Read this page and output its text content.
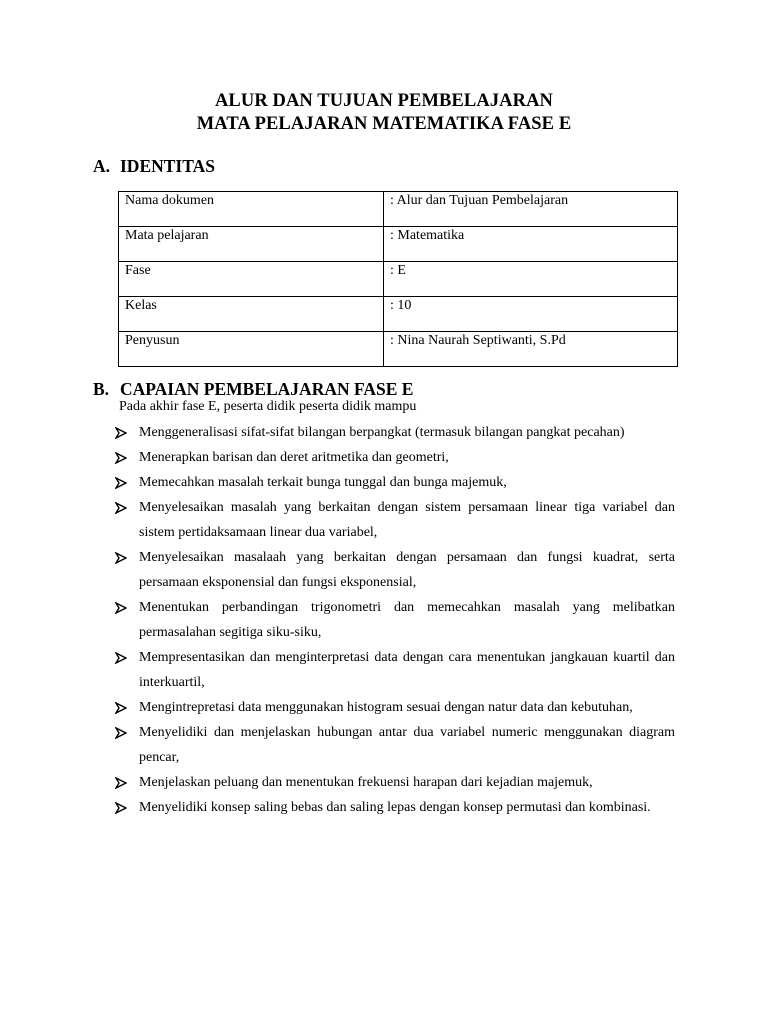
ALUR DAN TUJUAN PEMBELAJARAN
MATA PELAJARAN MATEMATIKA FASE E
A. IDENTITAS
Nama dokumen	: Alur dan Tujuan Pembelajaran
Mata pelajaran	: Matematika
Fase	: E
Kelas	: 10
Penyusun	: Nina Naurah Septiwanti, S.Pd
B. CAPAIAN PEMBELAJARAN FASE E
Pada akhir fase E, peserta didik peserta didik mampu
Menggeneralisasi sifat-sifat bilangan berpangkat (termasuk bilangan pangkat pecahan)
Menerapkan barisan dan deret aritmetika dan geometri,
Memecahkan masalah terkait bunga tunggal dan bunga majemuk,
Menyelesaikan masalah yang berkaitan dengan sistem persamaan linear tiga variabel dan sistem pertidaksamaan linear dua variabel,
Menyelesaikan masalaah yang berkaitan dengan persamaan dan fungsi kuadrat, serta persamaan eksponensial dan fungsi eksponensial,
Menentukan perbandingan trigonometri dan memecahkan masalah yang melibatkan permasalahan segitiga siku-siku,
Mempresentasikan dan menginterpretasi data dengan cara menentukan jangkauan kuartil dan interkuartil,
Mengintrepretasi data menggunakan histogram sesuai dengan natur data dan kebutuhan,
Menyelidiki dan menjelaskan hubungan antar dua variabel numeric menggunakan diagram pencar,
Menjelaskan peluang dan menentukan frekuensi harapan dari kejadian majemuk,
Menyelidiki konsep saling bebas dan saling lepas dengan konsep permutasi dan kombinasi.
